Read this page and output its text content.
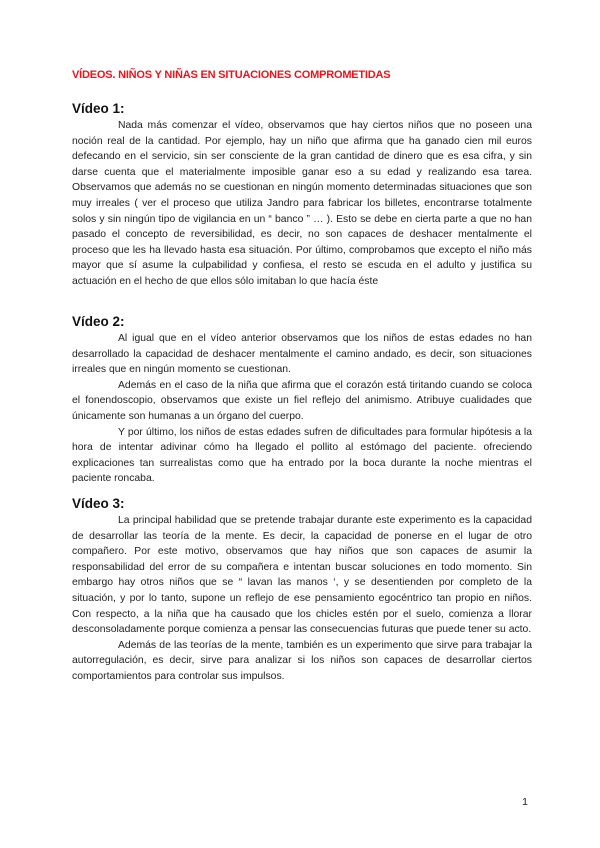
VÍDEOS. NIÑOS Y NIÑAS EN SITUACIONES COMPROMETIDAS
Vídeo 1:

Nada más comenzar el vídeo, observamos que hay ciertos niños que no poseen una noción real de la cantidad. Por ejemplo, hay un niño que afirma que ha ganado cien mil euros defecando en el servicio, sin ser consciente de la gran cantidad de dinero que es esa cifra, y sin darse cuenta que el materialmente imposible ganar eso a su edad y realizando esa tarea. Observamos que además no se cuestionan en ningún momento determinadas situaciones que son muy irreales ( ver el proceso que utiliza Jandro para fabricar los billetes, encontrarse totalmente solos y sin ningún tipo de vigilancia en un “ banco ” … ). Esto se debe en cierta parte a que no han pasado el concepto de reversibilidad, es decir, no son capaces de deshacer mentalmente el proceso que les ha llevado hasta esa situación. Por último, comprobamos que excepto el niño más mayor que sí asume la culpabilidad y confiesa, el resto se escuda en el adulto y justifica su actuación en el hecho de que ellos sólo imitaban lo que hacía éste

Vídeo 2:

Al igual que en el vídeo anterior observamos que los niños de estas edades no han desarrollado la capacidad de deshacer mentalmente el camino andado, es decir, son situaciones irreales que en ningún momento se cuestionan.

Además en el caso de la niña que afirma que el corazón está tiritando cuando se coloca el fonendoscopio, observamos que existe un fiel reflejo del animismo. Atribuye cualidades que únicamente son humanas a un órgano del cuerpo.

Y por último, los niños de estas edades sufren de dificultades para formular hipótesis a la hora de intentar adivinar cómo ha llegado el pollito al estómago del paciente. ofreciendo explicaciones tan surrealistas como que ha entrado por la boca durante la noche mientras el paciente roncaba.

Vídeo 3:

La principal habilidad que se pretende trabajar durante este experimento es la capacidad de desarrollar las teoría de la mente. Es decir, la capacidad de ponerse en el lugar de otro compañero. Por este motivo, observamos que hay niños que son capaces de asumir la responsabilidad del error de su compañera e intentan buscar soluciones en todo momento. Sin embargo hay otros niños que se “ lavan las manos ‘, y se desentienden por completo de la situación, y por lo tanto, supone un reflejo de ese pensamiento egocéntrico tan propio en niños. Con respecto, a la niña que ha causado que los chicles estén por el suelo, comienza a llorar desconsoladamente porque comienza a pensar las consecuencias futuras que puede tener su acto.

Además de las teorías de la mente, también es un experimento que sirve para trabajar la autorregulación, es decir, sirve para analizar si los niños son capaces de desarrollar ciertos comportamientos para controlar sus impulsos.

1
